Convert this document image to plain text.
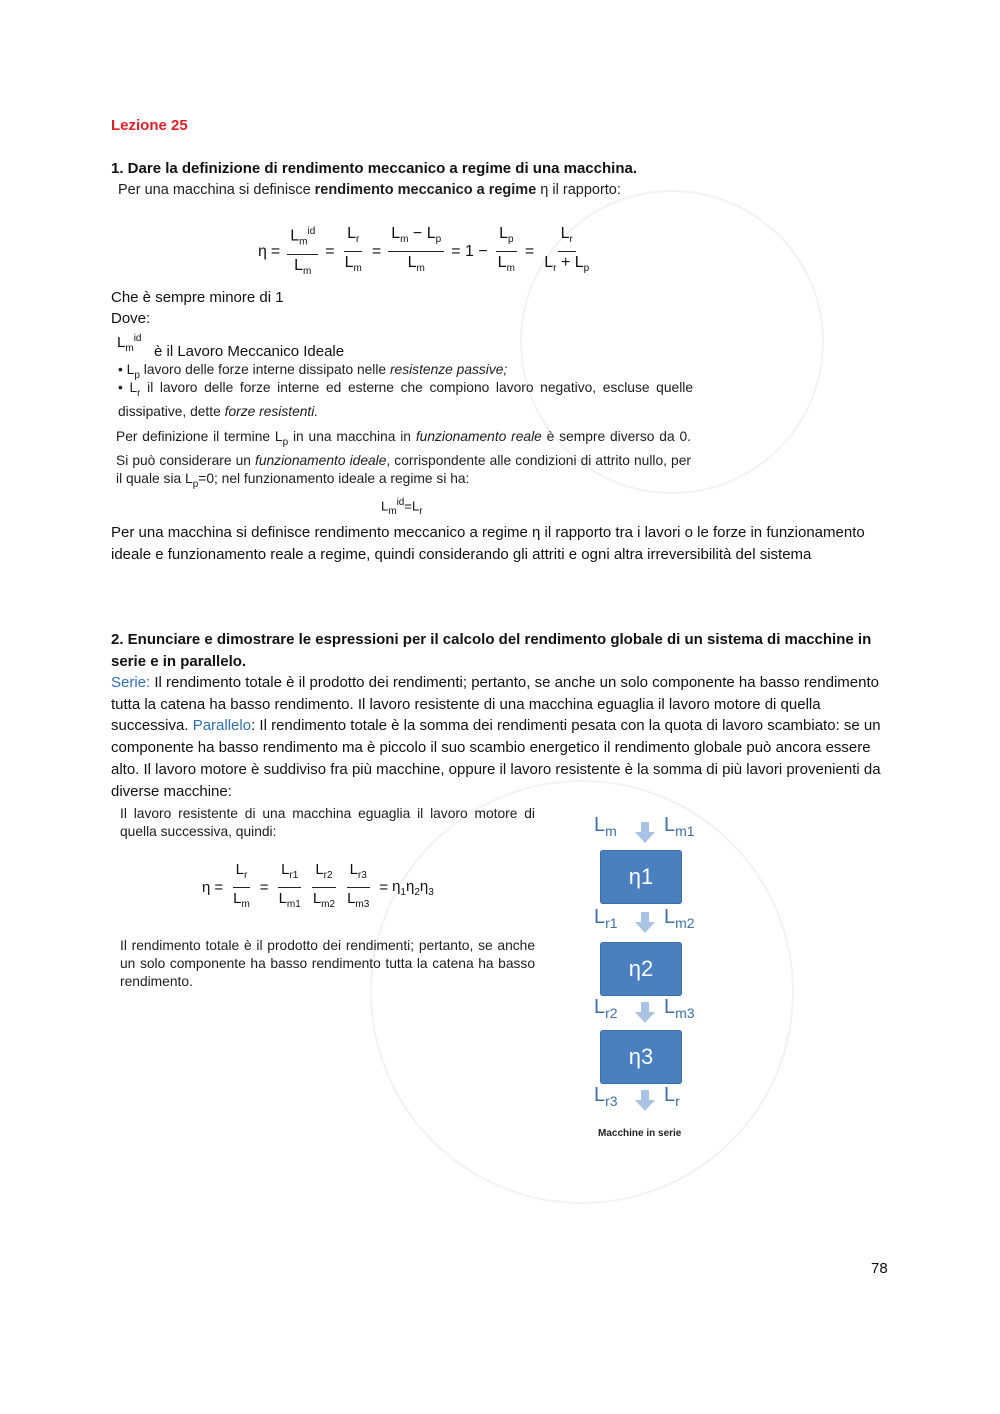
Lezione 25
1. Dare la definizione di rendimento meccanico a regime di una macchina.
Per una macchina si definisce rendimento meccanico a regime η il rapporto:
$\eta = \frac{L_m^{id}}{L_m} = \frac{L_r}{L_m} = \frac{L_m - L_p}{L_m} = 1 - \frac{L_p}{L_m} = \frac{L_r}{L_r + L_p}$
Che è sempre minore di 1
Dove:
$L_m^{id}$
è il Lavoro Meccanico Ideale
• $L_p$ lavoro delle forze interne dissipato nelle resistenze passive;
• $L_r$ il lavoro delle forze interne ed esterne che compiono lavoro negativo, escluse quelle dissipative, dette forze resistenti.
Per definizione il termine $L_p$ in una macchina in funzionamento reale è sempre diverso da 0. Si può considerare un funzionamento ideale, corrispondente alle condizioni di attrito nullo, per il quale sia $L_p=0$; nel funzionamento ideale a regime si ha:
$L_m^{id}=L_r$
Per una macchina si definisce rendimento meccanico a regime η il rapporto tra i lavori o le forze in funzionamento ideale e funzionamento reale a regime, quindi considerando gli attriti e ogni altra irreversibilità del sistema
2. Enunciare e dimostrare le espressioni per il calcolo del rendimento globale di un sistema di macchine in serie e in parallelo.
Serie: Il rendimento totale è il prodotto dei rendimenti; pertanto, se anche un solo componente ha basso rendimento tutta la catena ha basso rendimento. Il lavoro resistente di una macchina eguaglia il lavoro motore di quella successiva. Parallelo: Il rendimento totale è la somma dei rendimenti pesata con la quota di lavoro scambiato: se un componente ha basso rendimento ma è piccolo il suo scambio energetico il rendimento globale può ancora essere alto. Il lavoro motore è suddiviso fra più macchine, oppure il lavoro resistente è la somma di più lavori provenienti da diverse macchine:
Il lavoro resistente di una macchina eguaglia il lavoro motore di quella successiva, quindi:
$\eta = \frac{L_r}{L_m} = \frac{L_{r1}}{L_{m1}} \frac{L_{r2}}{L_{m2}} \frac{L_{r3}}{L_{m3}} = \eta_1\eta_2\eta_3$
Il rendimento totale è il prodotto dei rendimenti; pertanto, se anche un solo componente ha basso rendimento tutta la catena ha basso rendimento.
$L_m$ $L_{m1}$
η1
$L_{r1}$ $L_{m2}$
η2
$L_{r2}$ $L_{m3}$
η3
$L_{r3}$ $L_r$
Macchine in serie
78
